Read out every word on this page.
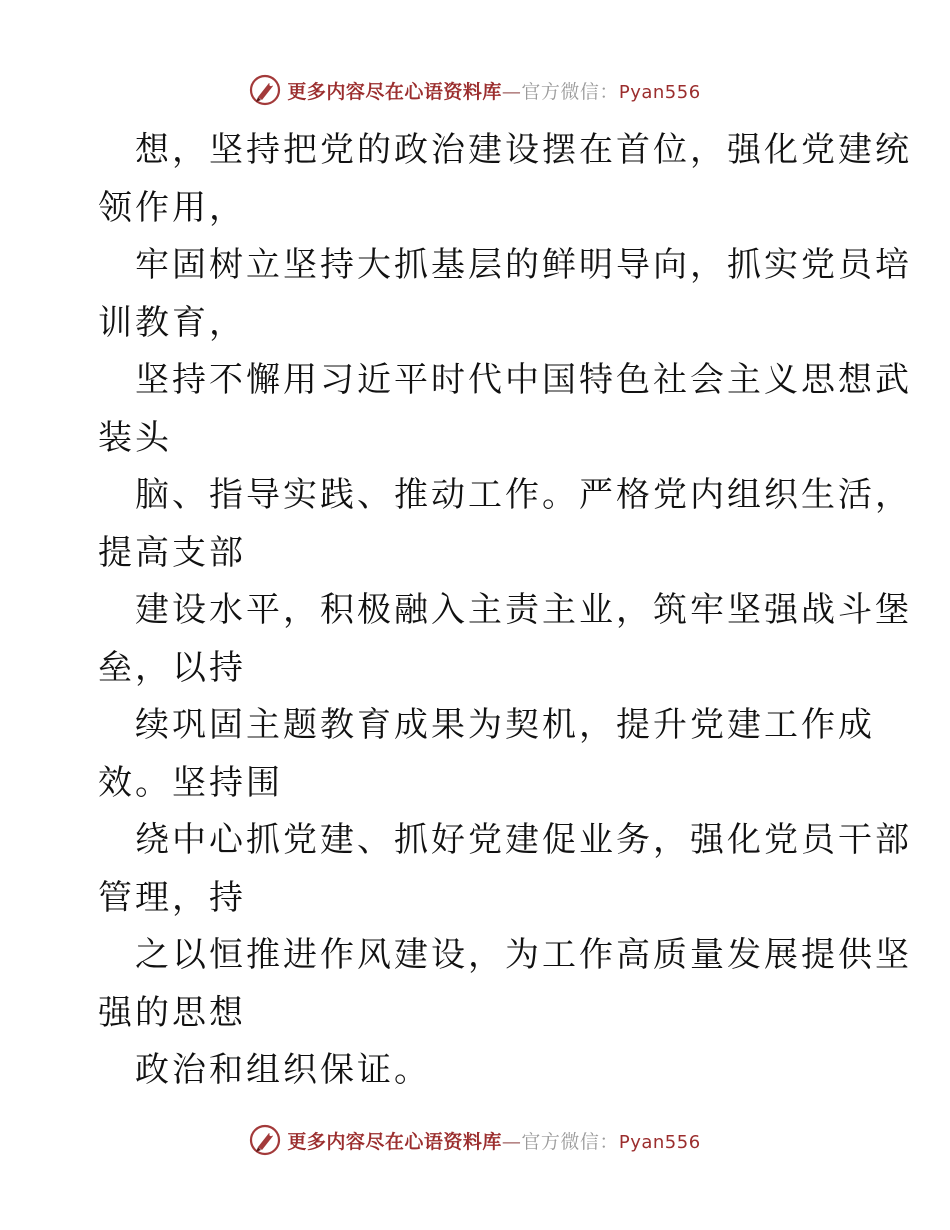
更多内容尽在心语资料库—官方微信：Pyan556
想，坚持把党的政治建设摆在首位，强化党建统
领作用，
牢固树立坚持大抓基层的鲜明导向，抓实党员培
训教育，
坚持不懈用习近平时代中国特色社会主义思想武
装头
脑、指导实践、推动工作。严格党内组织生活，
提高支部
建设水平，积极融入主责主业，筑牢坚强战斗堡
垒，以持
续巩固主题教育成果为契机，提升党建工作成
效。坚持围
绕中心抓党建、抓好党建促业务，强化党员干部
管理，持
之以恒推进作风建设，为工作高质量发展提供坚
强的思想
政治和组织保证。
更多内容尽在心语资料库—官方微信：Pyan556
